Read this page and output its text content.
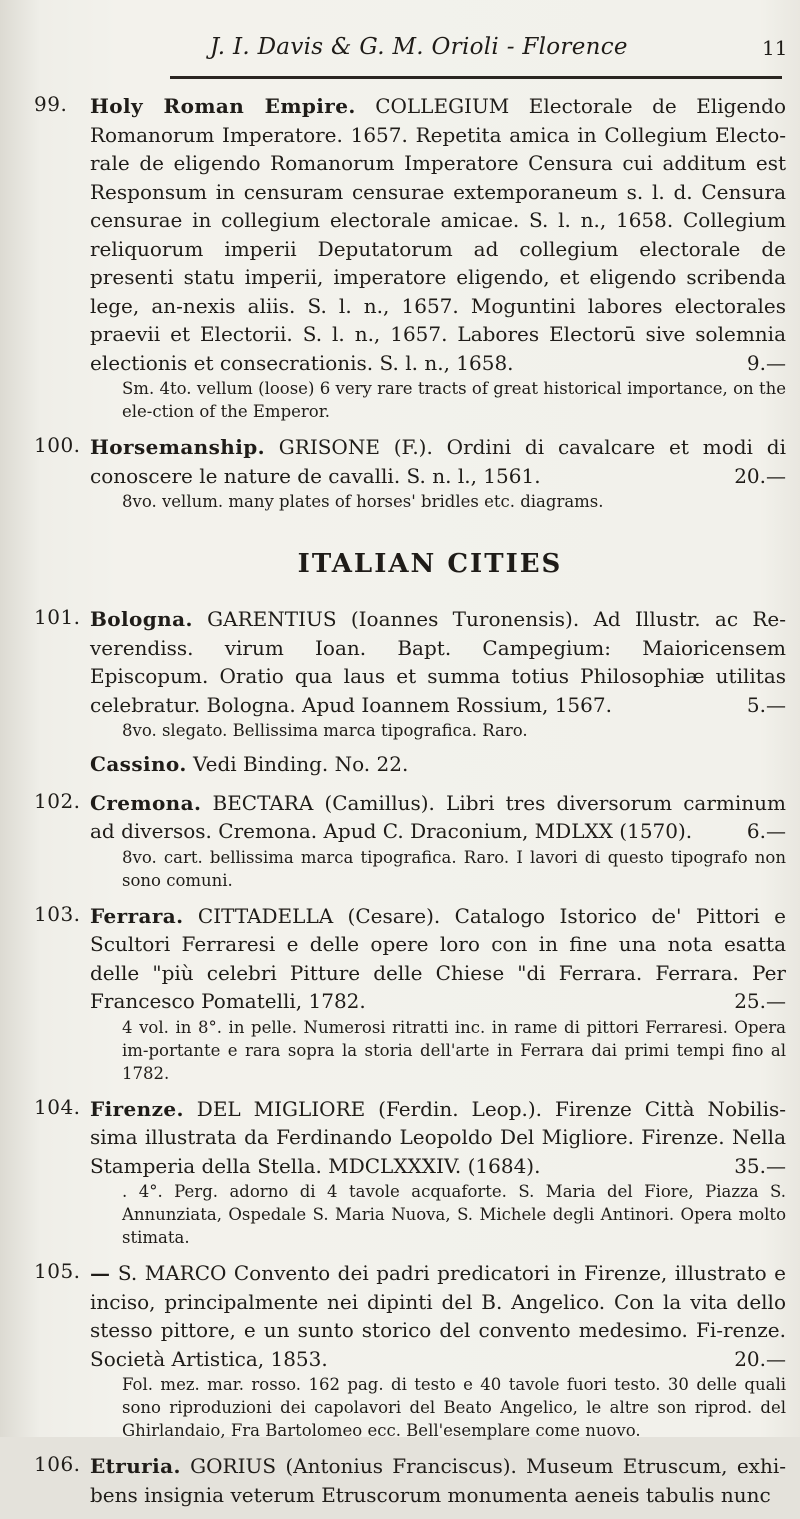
J. I. Davis & G. M. Orioli - Florence	11
99.	Holy Roman Empire. COLLEGIUM Electorale de Eligendo Romanorum Imperatore. 1657. Repetita amica in Collegium Electo-rale de eligendo Romanorum Imperatore Censura cui additum est Responsum in censuram censurae extemporaneum s. l. d. Censura censurae in collegium electorale amicae. S. l. n., 1658. Collegium reliquorum imperii Deputatorum ad collegium electorale de presenti statu imperii, imperatore eligendo, et eligendo scribenda lege, an-nexis aliis. S. l. n., 1657. Moguntini labores electorales praevii et Electorii. S. l. n., 1657. Labores Electorū sive solemnia electionis et consecrationis. S. l. n., 1658.	9.—
Sm. 4to. vellum (loose) 6 very rare tracts of great historical importance, on the ele-ction of the Emperor.
100. Horsemanship. GRISONE (F.). Ordini di cavalcare et modi di conoscere le nature de cavalli. S. n. l., 1561.	20.—
8vo. vellum. many plates of horses' bridles etc. diagrams.
ITALIAN CITIES
101. Bologna. GARENTIUS (Ioannes Turonensis). Ad Illustr. ac Re-verendiss. virum Ioan. Bapt. Campegium: Maioricensem Episcopum. Oratio qua laus et summa totius Philosophiæ utilitas celebratur. Bologna. Apud Ioannem Rossium, 1567.	5.—
8vo. slegato. Bellissima marca tipografica. Raro.
Cassino. Vedi Binding. No. 22.
102. Cremona. BECTARA (Camillus). Libri tres diversorum carminum ad diversos. Cremona. Apud C. Draconium, MDLXX (1570).	6.—
8vo. cart. bellissima marca tipografica. Raro. I lavori di questo tipografo non sono comuni.
103. Ferrara. CITTADELLA (Cesare). Catalogo Istorico de' Pittori e Scultori Ferraresi e delle opere loro con in fine una nota esatta delle "più celebri Pitture delle Chiese "di Ferrara. Ferrara. Per Francesco Pomatelli, 1782.	25.—
4 vol. in 8°. in pelle. Numerosi ritratti inc. in rame di pittori Ferraresi. Opera im-portante e rara sopra la storia dell'arte in Ferrara dai primi tempi fino al 1782.
104. Firenze. DEL MIGLIORE (Ferdin. Leop.). Firenze Città Nobilis-sima illustrata da Ferdinando Leopoldo Del Migliore. Firenze. Nella Stamperia della Stella. MDCLXXXIV. (1684).	35.—
. 4°. Perg. adorno di 4 tavole acquaforte. S. Maria del Fiore, Piazza S. Annunziata, Ospedale S. Maria Nuova, S. Michele degli Antinori. Opera molto stimata.
105. — S. MARCO Convento dei padri predicatori in Firenze, illustrato e inciso, principalmente nei dipinti del B. Angelico. Con la vita dello stesso pittore, e un sunto storico del convento medesimo. Fi-renze. Società Artistica, 1853.	20.—
Fol. mez. mar. rosso. 162 pag. di testo e 40 tavole fuori testo. 30 delle quali sono riproduzioni dei capolavori del Beato Angelico, le altre son riprod. del Ghirlandaio, Fra Bartolomeo ecc. Bell'esemplare come nuovo.
106. Etruria. GORIUS (Antonius Franciscus). Museum Etruscum, exhi-bens insignia veterum Etruscorum monumenta aeneis tabulis nunc
